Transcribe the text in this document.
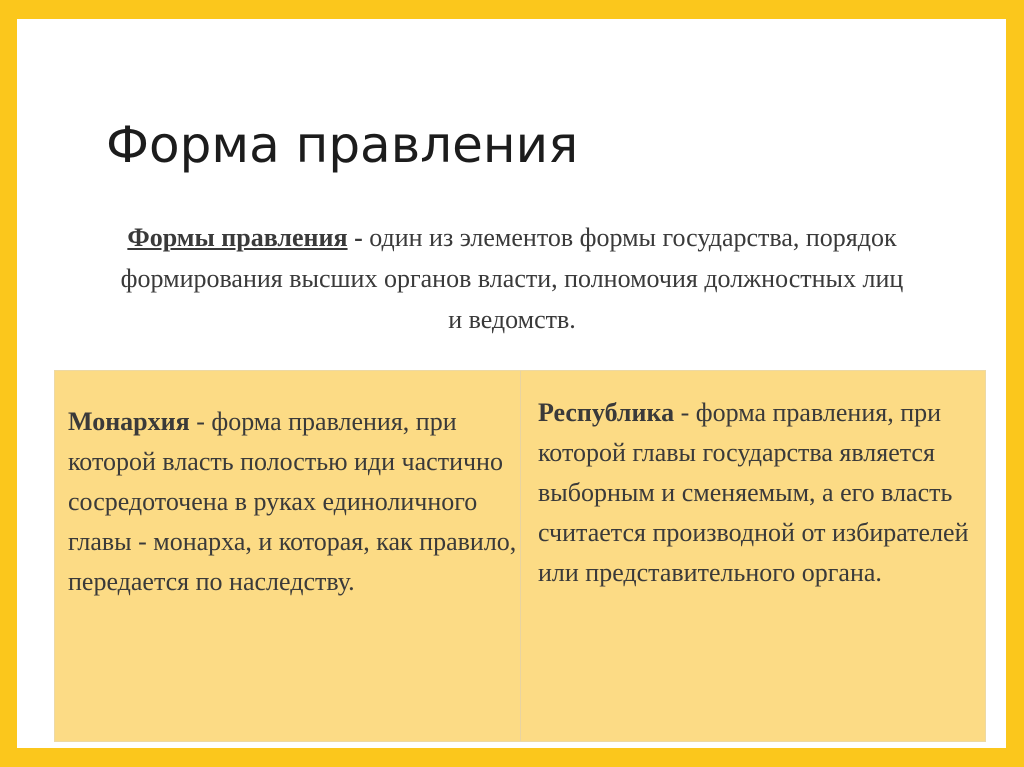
Форма правления

Формы правления - один из элементов формы государства, порядок формирования высших органов власти, полномочия должностных лиц и ведомств.

Монархия - форма правления, при которой власть полостью иди частично сосредоточена в руках единоличного главы - монарха, и которая, как правило, передается по наследству.

Республика - форма правления, при которой главы государства является выборным и сменяемым, а его власть считается производной от избирателей или представительного органа.
